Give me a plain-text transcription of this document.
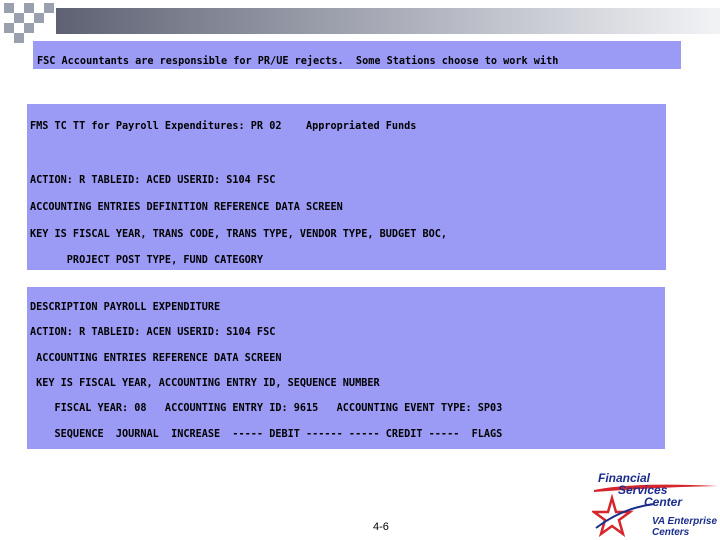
FSC Accountants are responsible for PR/UE rejects.  Some Stations choose to work with

FMS TC TT for Payroll Expenditures: PR 02    Appropriated Funds

ACTION: R TABLEID: ACED USERID: S104 FSC

ACCOUNTING ENTRIES DEFINITION REFERENCE DATA SCREEN

KEY IS FISCAL YEAR, TRANS CODE, TRANS TYPE, VENDOR TYPE, BUDGET BOC,

PROJECT POST TYPE, FUND CATEGORY

DESCRIPTION PAYROLL EXPENDITURE

ACTION: R TABLEID: ACEN USERID: S104 FSC

ACCOUNTING ENTRIES REFERENCE DATA SCREEN

KEY IS FISCAL YEAR, ACCOUNTING ENTRY ID, SEQUENCE NUMBER

FISCAL YEAR: 08   ACCOUNTING ENTRY ID: 9615   ACCOUNTING EVENT TYPE: SP03

SEQUENCE  JOURNAL  INCREASE  ----- DEBIT ------ ----- CREDIT -----  FLAGS

4-6
Financial
Services
Center
VA Enterprise
Centers
